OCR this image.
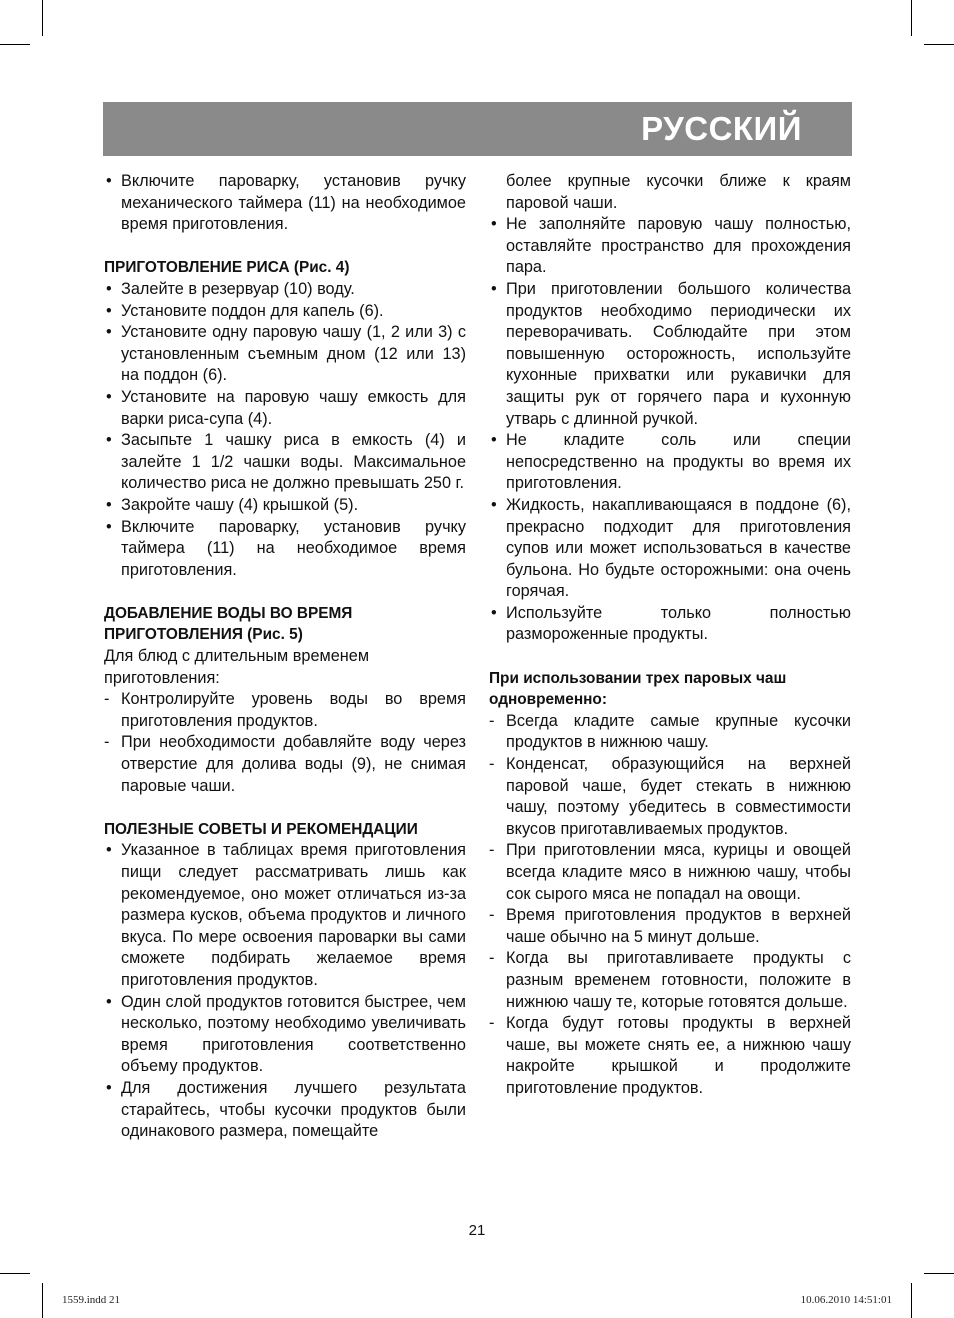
РУССКИЙ
• Включите пароварку, установив ручку механического таймера (11) на необходимое время приготовления.
ПРИГОТОВЛЕНИЕ РИСА (Рис. 4)
• Залейте в резервуар (10) воду.
• Установите поддон для капель (6).
• Установите одну паровую чашу (1, 2 или 3) с установленным съемным дном (12 или 13) на поддон (6).
• Установите на паровую чашу емкость для варки риса-супа (4).
• Засыпьте 1 чашку риса в емкость (4) и залейте 1 1/2 чашки воды. Максимальное количество риса не должно превышать 250 г.
• Закройте чашу (4) крышкой (5).
• Включите пароварку, установив ручку таймера (11) на необходимое время приготовления.
ДОБАВЛЕНИЕ ВОДЫ ВО ВРЕМЯ ПРИГОТОВЛЕНИЯ (Рис. 5)
Для блюд с длительным временем приготовления:
- Контролируйте уровень воды во время приготовления продуктов.
- При необходимости добавляйте воду через отверстие для долива воды (9), не снимая паровые чаши.
ПОЛЕЗНЫЕ СОВЕТЫ И РЕКОМЕНДАЦИИ
• Указанное в таблицах время приготовления пищи следует рассматривать лишь как рекомендуемое, оно может отличаться из-за размера кусков, объема продуктов и личного вкуса. По мере освоения пароварки вы сами сможете подбирать желаемое время приготовления продуктов.
• Один слой продуктов готовится быстрее, чем несколько, поэтому необходимо увеличивать время приготовления соответственно объему продуктов.
• Для достижения лучшего результата старайтесь, чтобы кусочки продуктов были одинакового размера, помещайте
более крупные кусочки ближе к краям паровой чаши.
• Не заполняйте паровую чашу полностью, оставляйте пространство для прохождения пара.
• При приготовлении большого количества продуктов необходимо периодически их переворачивать. Соблюдайте при этом повышенную осторожность, используйте кухонные прихватки или рукавички для защиты рук от горячего пара и кухонную утварь с длинной ручкой.
• Не кладите соль или специи непосредственно на продукты во время их приготовления.
• Жидкость, накапливающаяся в поддоне (6), прекрасно подходит для приготовления супов или может использоваться в качестве бульона. Но будьте осторожными: она очень горячая.
• Используйте только полностью размороженные продукты.
При использовании трех паровых чаш одновременно:
- Всегда кладите самые крупные кусочки продуктов в нижнюю чашу.
- Конденсат, образующийся на верхней паровой чаше, будет стекать в нижнюю чашу, поэтому убедитесь в совместимости вкусов приготавливаемых продуктов.
- При приготовлении мяса, курицы и овощей всегда кладите мясо в нижнюю чашу, чтобы сок сырого мяса не попадал на овощи.
- Время приготовления продуктов в верхней чаше обычно на 5 минут дольше.
- Когда вы приготавливаете продукты с разным временем готовности, положите в нижнюю чашу те, которые готовятся дольше.
- Когда будут готовы продукты в верхней чаше, вы можете снять ее, а нижнюю чашу накройте крышкой и продолжите приготовление продуктов.
21
1559.indd 21	10.06.2010 14:51:01
